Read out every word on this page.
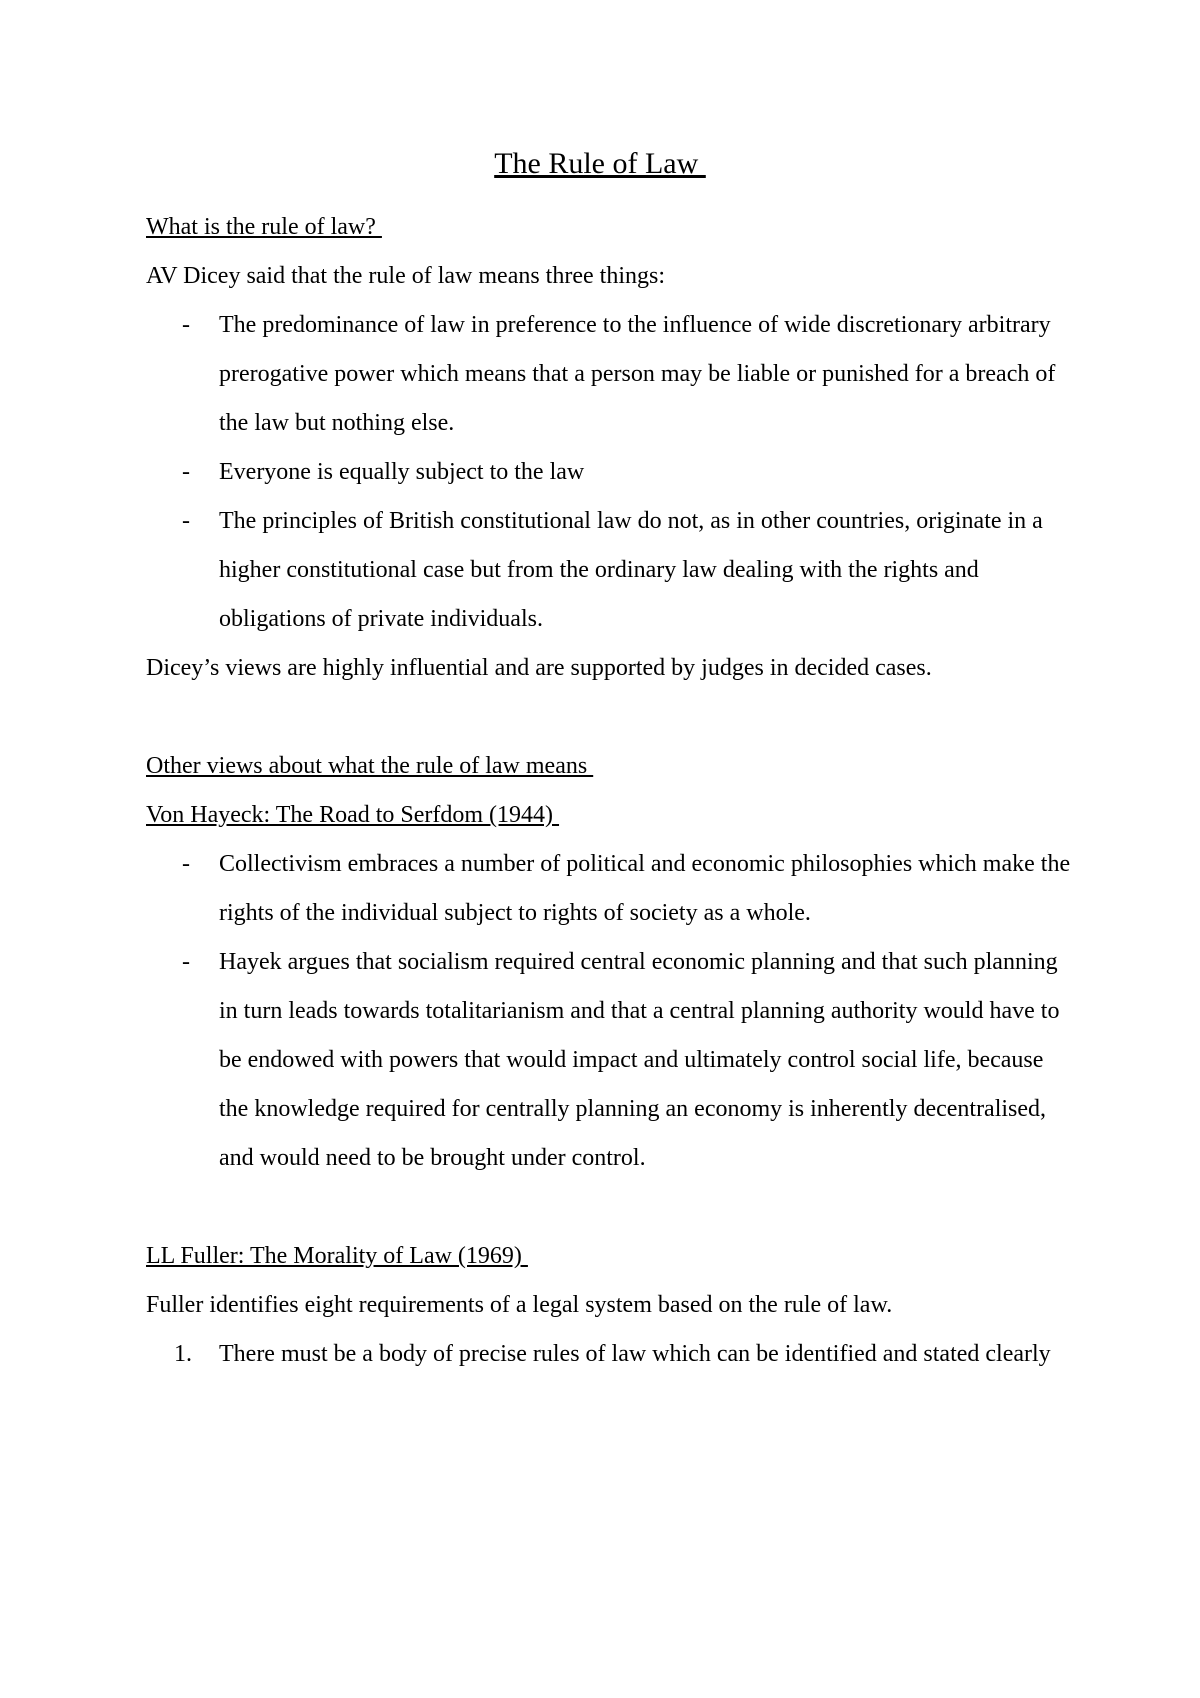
The Rule of Law

What is the rule of law?

AV Dicey said that the rule of law means three things:

- The predominance of law in preference to the influence of wide discretionary arbitrary prerogative power which means that a person may be liable or punished for a breach of the law but nothing else.
- Everyone is equally subject to the law
- The principles of British constitutional law do not, as in other countries, originate in a higher constitutional case but from the ordinary law dealing with the rights and obligations of private individuals.

Dicey’s views are highly influential and are supported by judges in decided cases.

Other views about what the rule of law means

Von Hayeck: The Road to Serfdom (1944)

- Collectivism embraces a number of political and economic philosophies which make the rights of the individual subject to rights of society as a whole.
- Hayek argues that socialism required central economic planning and that such planning in turn leads towards totalitarianism and that a central planning authority would have to be endowed with powers that would impact and ultimately control social life, because the knowledge required for centrally planning an economy is inherently decentralised, and would need to be brought under control.

LL Fuller: The Morality of Law (1969)

Fuller identifies eight requirements of a legal system based on the rule of law.

1. There must be a body of precise rules of law which can be identified and stated clearly
